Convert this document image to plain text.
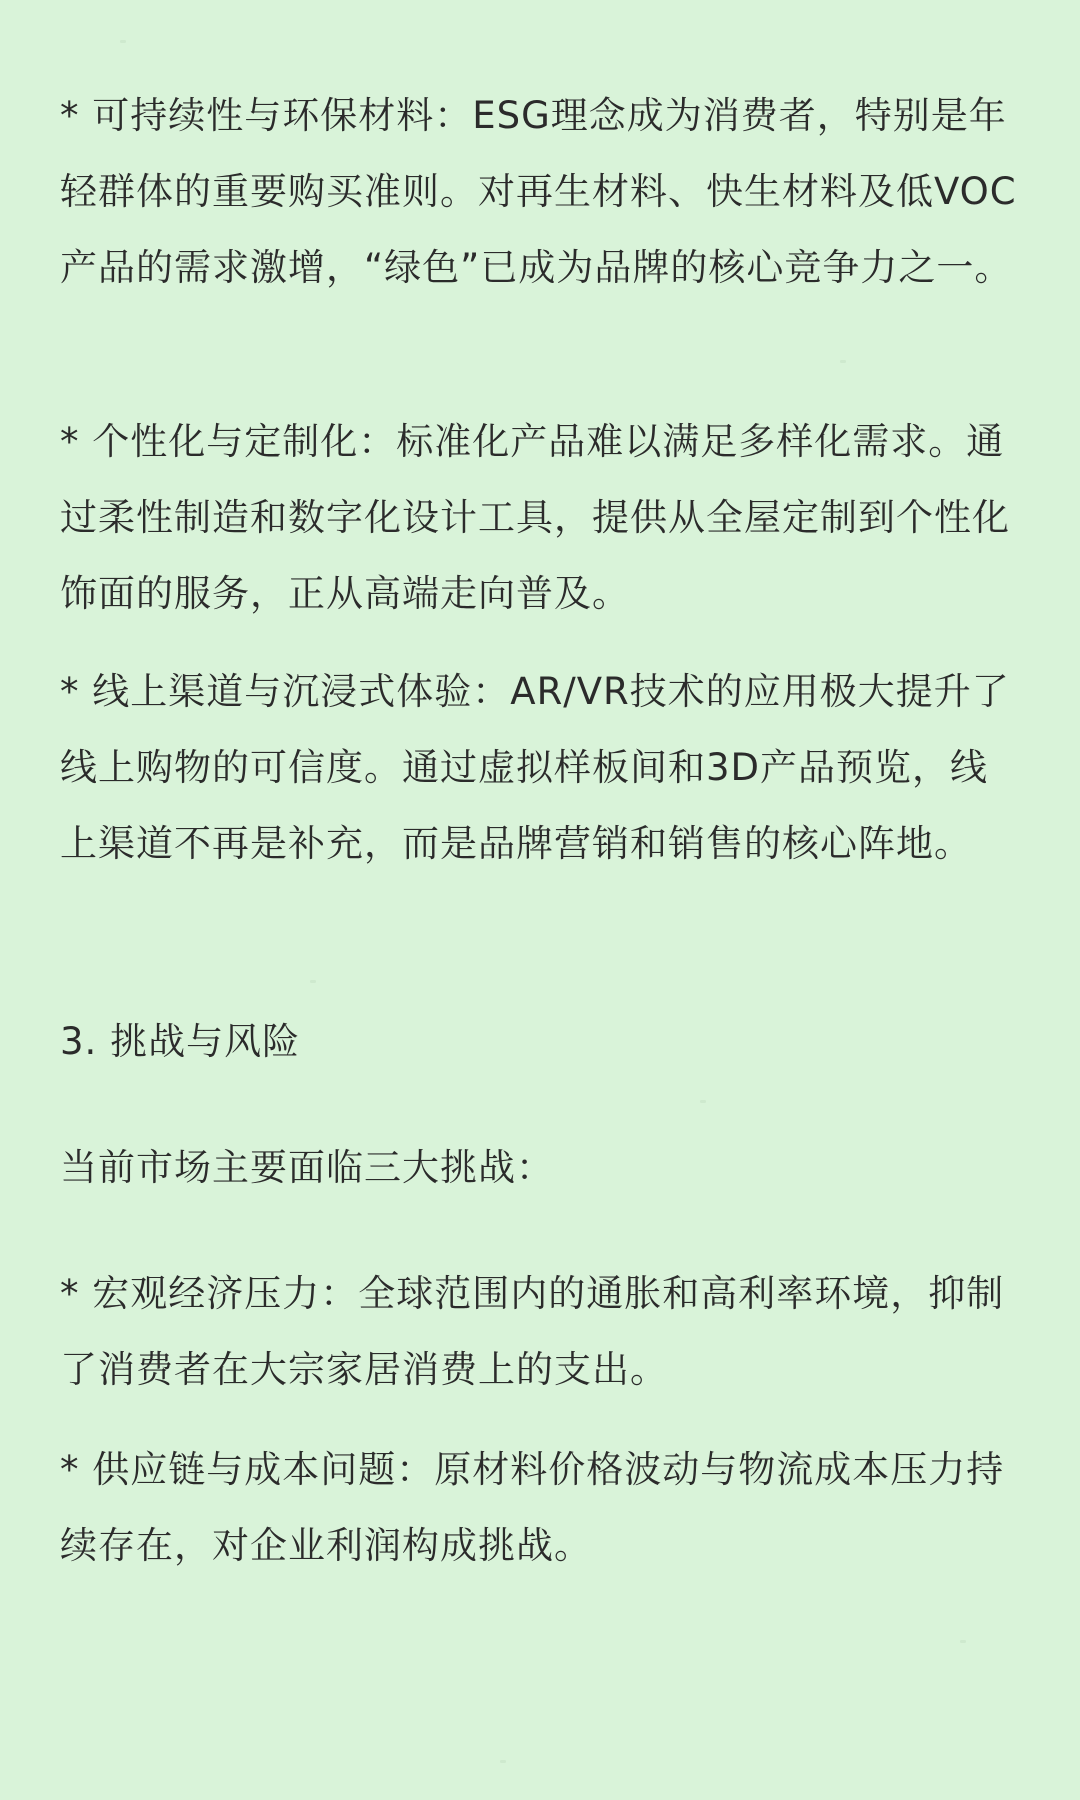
* 可持续性与环保材料：ESG理念成为消费者，特别是年轻群体的重要购买准则。对再生材料、快生材料及低VOC产品的需求激增，“绿色”已成为品牌的核心竞争力之一。

* 个性化与定制化：标准化产品难以满足多样化需求。通过柔性制造和数字化设计工具，提供从全屋定制到个性化饰面的服务，正从高端走向普及。

* 线上渠道与沉浸式体验：AR/VR技术的应用极大提升了线上购物的可信度。通过虚拟样板间和3D产品预览，线上渠道不再是补充，而是品牌营销和销售的核心阵地。

3. 挑战与风险

当前市场主要面临三大挑战：

* 宏观经济压力：全球范围内的通胀和高利率环境，抑制了消费者在大宗家居消费上的支出。

* 供应链与成本问题：原材料价格波动与物流成本压力持续存在，对企业利润构成挑战。
